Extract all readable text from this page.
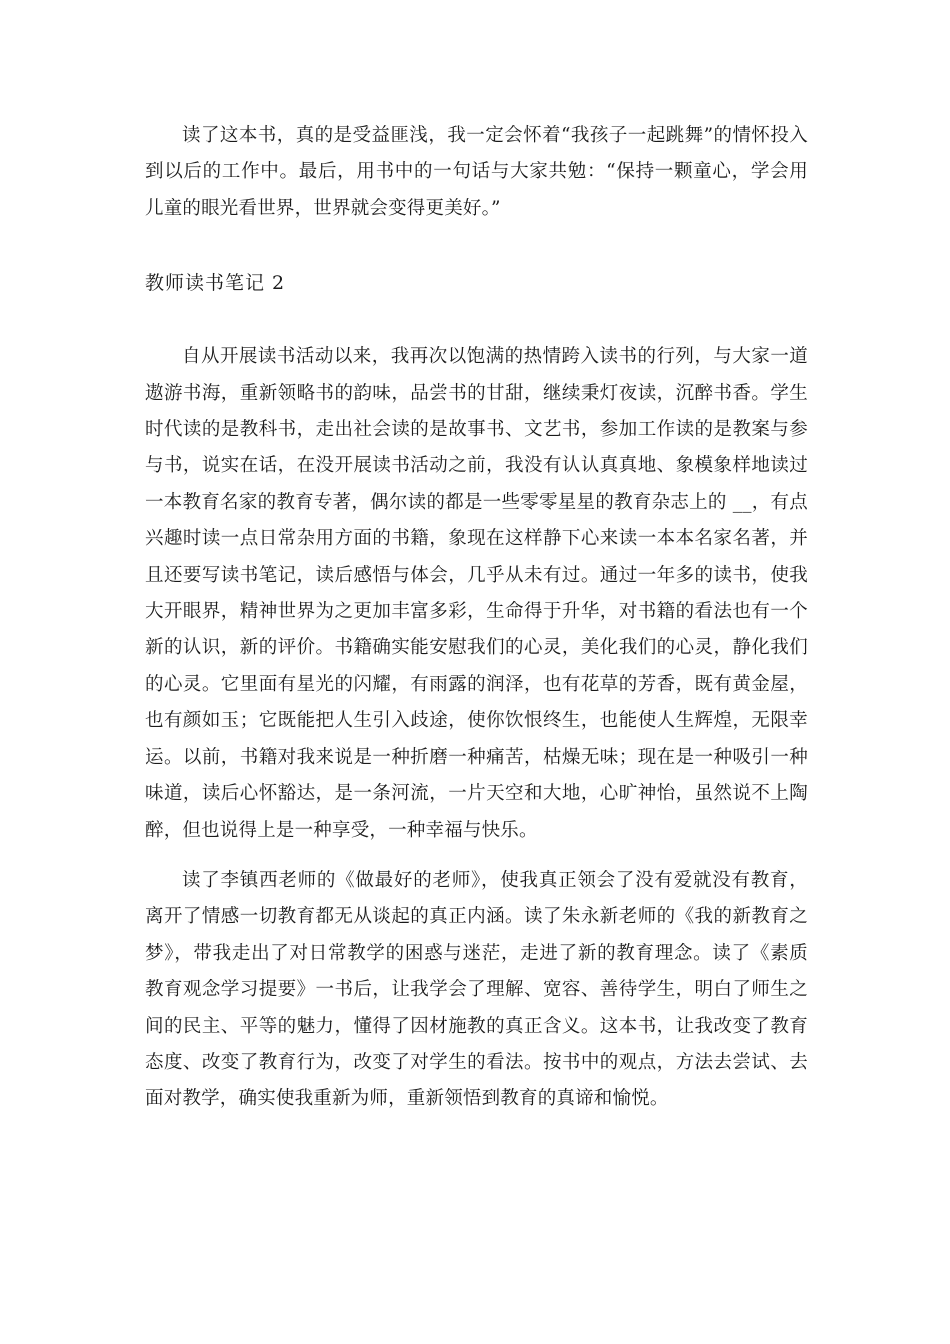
读了这本书，真的是受益匪浅，我一定会怀着“我孩子一起跳舞”的情怀投入到以后的工作中。最后，用书中的一句话与大家共勉：“保持一颗童心，学会用儿童的眼光看世界，世界就会变得更美好。”

教师读书笔记 2

自从开展读书活动以来，我再次以饱满的热情跨入读书的行列，与大家一道遨游书海，重新领略书的韵味，品尝书的甘甜，继续秉灯夜读，沉醉书香。学生时代读的是教科书，走出社会读的是故事书、文艺书，参加工作读的是教案与参与书，说实在话，在没开展读书活动之前，我没有认认真真地、象模象样地读过一本教育名家的教育专著，偶尔读的都是一些零零星星的教育杂志上的 __，有点兴趣时读一点日常杂用方面的书籍，象现在这样静下心来读一本本名家名著，并且还要写读书笔记，读后感悟与体会，几乎从未有过。通过一年多的读书，使我大开眼界，精神世界为之更加丰富多彩，生命得于升华，对书籍的看法也有一个新的认识，新的评价。书籍确实能安慰我们的心灵，美化我们的心灵，静化我们的心灵。它里面有星光的闪耀，有雨露的润泽，也有花草的芳香，既有黄金屋，也有颜如玉；它既能把人生引入歧途，使你饮恨终生，也能使人生辉煌，无限幸运。以前，书籍对我来说是一种折磨一种痛苦，枯燥无味；现在是一种吸引一种味道，读后心怀豁达，是一条河流，一片天空和大地，心旷神怡，虽然说不上陶醉，但也说得上是一种享受，一种幸福与快乐。

读了李镇西老师的《做最好的老师》，使我真正领会了没有爱就没有教育，离开了情感一切教育都无从谈起的真正内涵。读了朱永新老师的《我的新教育之梦》，带我走出了对日常教学的困惑与迷茫，走进了新的教育理念。读了《素质教育观念学习提要》一书后，让我学会了理解、宽容、善待学生，明白了师生之间的民主、平等的魅力，懂得了因材施教的真正含义。这本书，让我改变了教育态度、改变了教育行为，改变了对学生的看法。按书中的观点，方法去尝试、去面对教学，确实使我重新为师，重新领悟到教育的真谛和愉悦。
